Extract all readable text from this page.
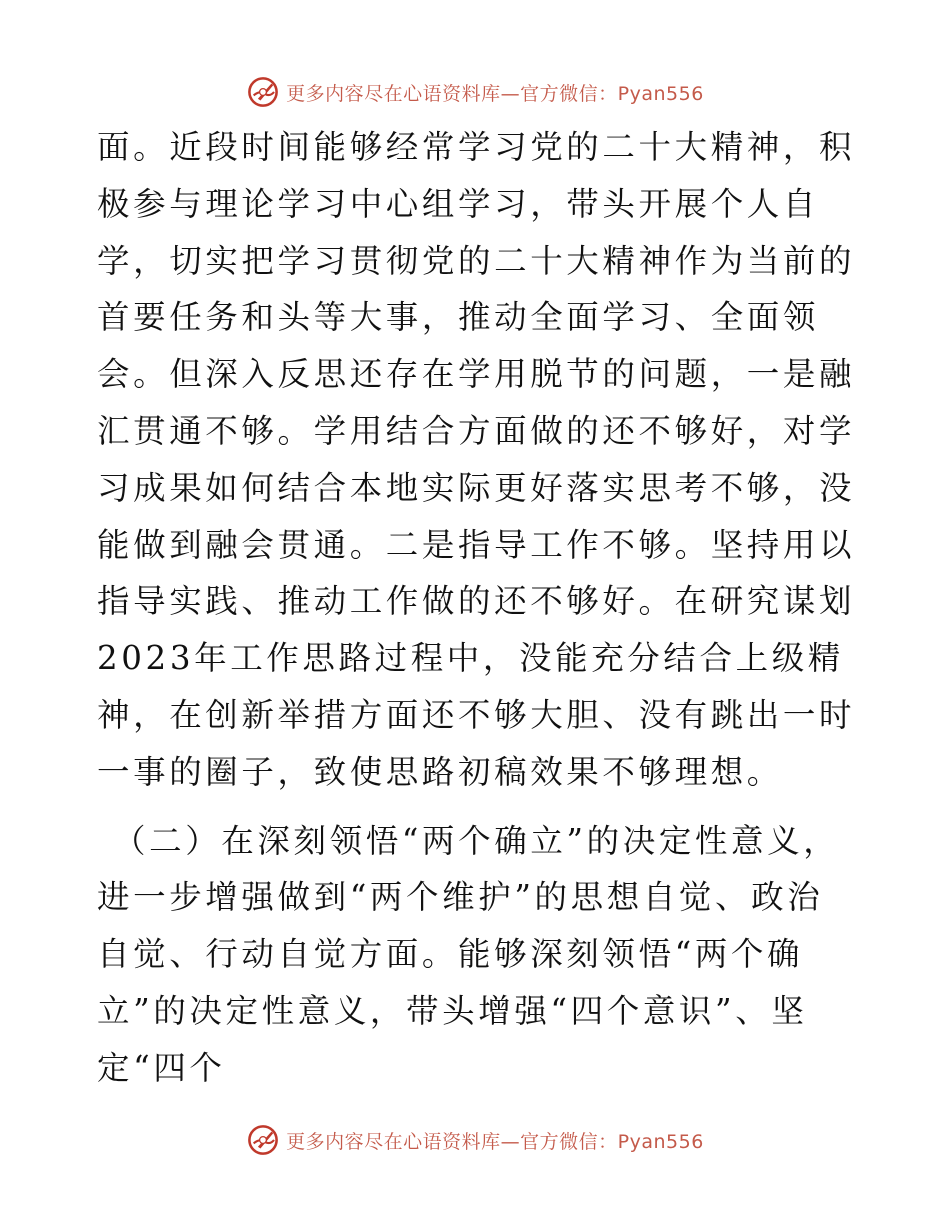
更多内容尽在心语资料库—官方微信：Pyan556

面。近段时间能够经常学习党的二十大精神，积极参与理论学习中心组学习，带头开展个人自学，切实把学习贯彻党的二十大精神作为当前的首要任务和头等大事，推动全面学习、全面领会。但深入反思还存在学用脱节的问题，一是融汇贯通不够。学用结合方面做的还不够好，对学习成果如何结合本地实际更好落实思考不够，没能做到融会贯通。二是指导工作不够。坚持用以指导实践、推动工作做的还不够好。在研究谋划2023年工作思路过程中，没能充分结合上级精神，在创新举措方面还不够大胆、没有跳出一时一事的圈子，致使思路初稿效果不够理想。

（二）在深刻领悟“两个确立”的决定性意义，进一步增强做到“两个维护”的思想自觉、政治自觉、行动自觉方面。能够深刻领悟“两个确立”的决定性意义，带头增强“四个意识”、坚定“四个

更多内容尽在心语资料库—官方微信：Pyan556
